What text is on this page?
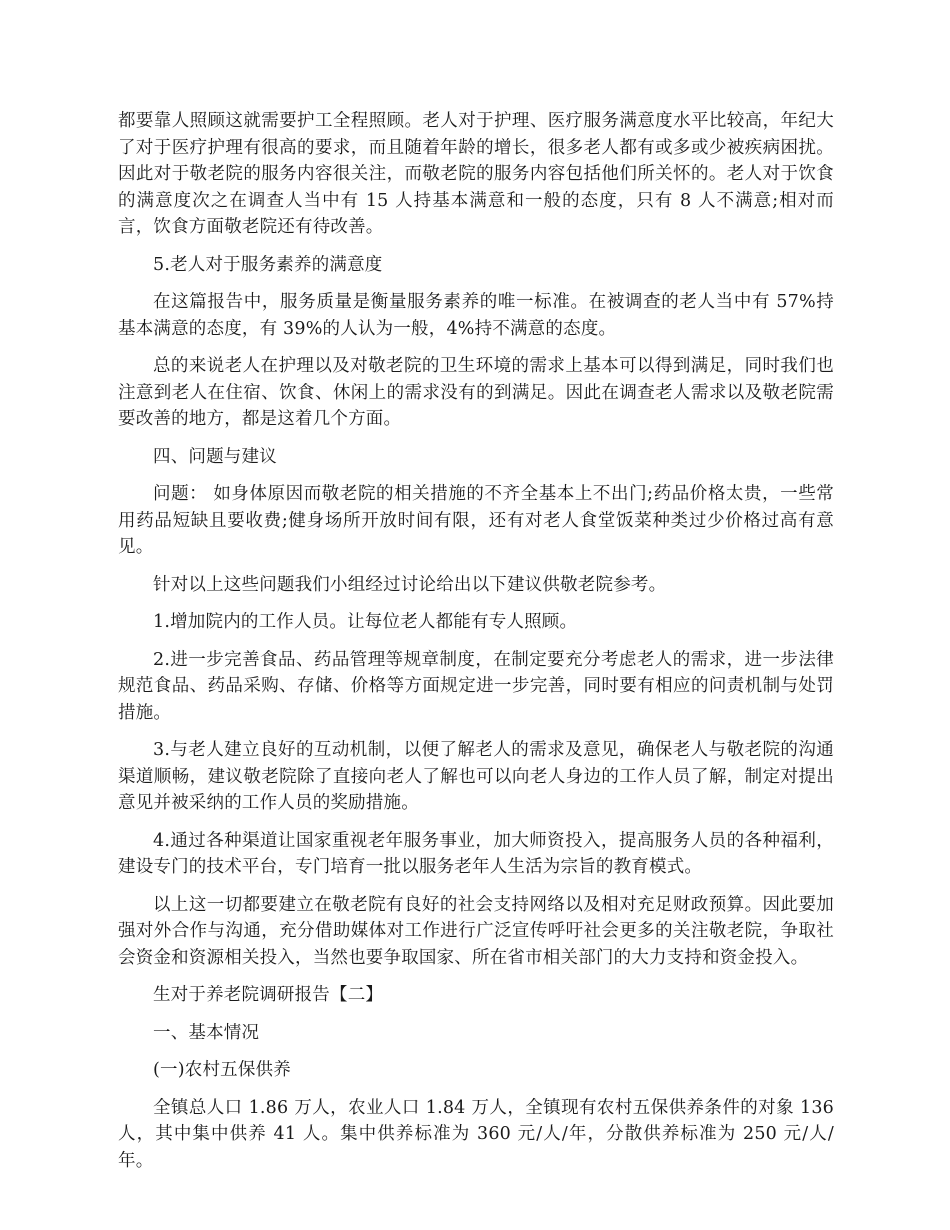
都要靠人照顾这就需要护工全程照顾。老人对于护理、医疗服务满意度水平比较高，年纪大了对于医疗护理有很高的要求，而且随着年龄的增长，很多老人都有或多或少被疾病困扰。因此对于敬老院的服务内容很关注，而敬老院的服务内容包括他们所关怀的。老人对于饮食的满意度次之在调查人当中有 15 人持基本满意和一般的态度，只有 8 人不满意;相对而言，饮食方面敬老院还有待改善。

5.老人对于服务素养的满意度

在这篇报告中，服务质量是衡量服务素养的唯一标准。在被调查的老人当中有 57%持基本满意的态度，有 39%的人认为一般，4%持不满意的态度。

总的来说老人在护理以及对敬老院的卫生环境的需求上基本可以得到满足，同时我们也注意到老人在住宿、饮食、休闲上的需求没有的到满足。因此在调查老人需求以及敬老院需要改善的地方，都是这着几个方面。

四、问题与建议

问题： 如身体原因而敬老院的相关措施的不齐全基本上不出门;药品价格太贵，一些常用药品短缺且要收费;健身场所开放时间有限，还有对老人食堂饭菜种类过少价格过高有意见。

针对以上这些问题我们小组经过讨论给出以下建议供敬老院参考。

1.增加院内的工作人员。让每位老人都能有专人照顾。

2.进一步完善食品、药品管理等规章制度，在制定要充分考虑老人的需求，进一步法律规范食品、药品采购、存储、价格等方面规定进一步完善，同时要有相应的问责机制与处罚措施。

3.与老人建立良好的互动机制，以便了解老人的需求及意见，确保老人与敬老院的沟通渠道顺畅，建议敬老院除了直接向老人了解也可以向老人身边的工作人员了解，制定对提出意见并被采纳的工作人员的奖励措施。

4.通过各种渠道让国家重视老年服务事业，加大师资投入，提高服务人员的各种福利，建设专门的技术平台，专门培育一批以服务老年人生活为宗旨的教育模式。

以上这一切都要建立在敬老院有良好的社会支持网络以及相对充足财政预算。因此要加强对外合作与沟通，充分借助媒体对工作进行广泛宣传呼吁社会更多的关注敬老院，争取社会资金和资源相关投入，当然也要争取国家、所在省市相关部门的大力支持和资金投入。

生对于养老院调研报告【二】

一、基本情况

(一)农村五保供养

全镇总人口 1.86 万人，农业人口 1.84 万人，全镇现有农村五保供养条件的对象 136 人，其中集中供养 41 人。集中供养标准为 360 元/人/年，分散供养标准为 250 元/人/年。
